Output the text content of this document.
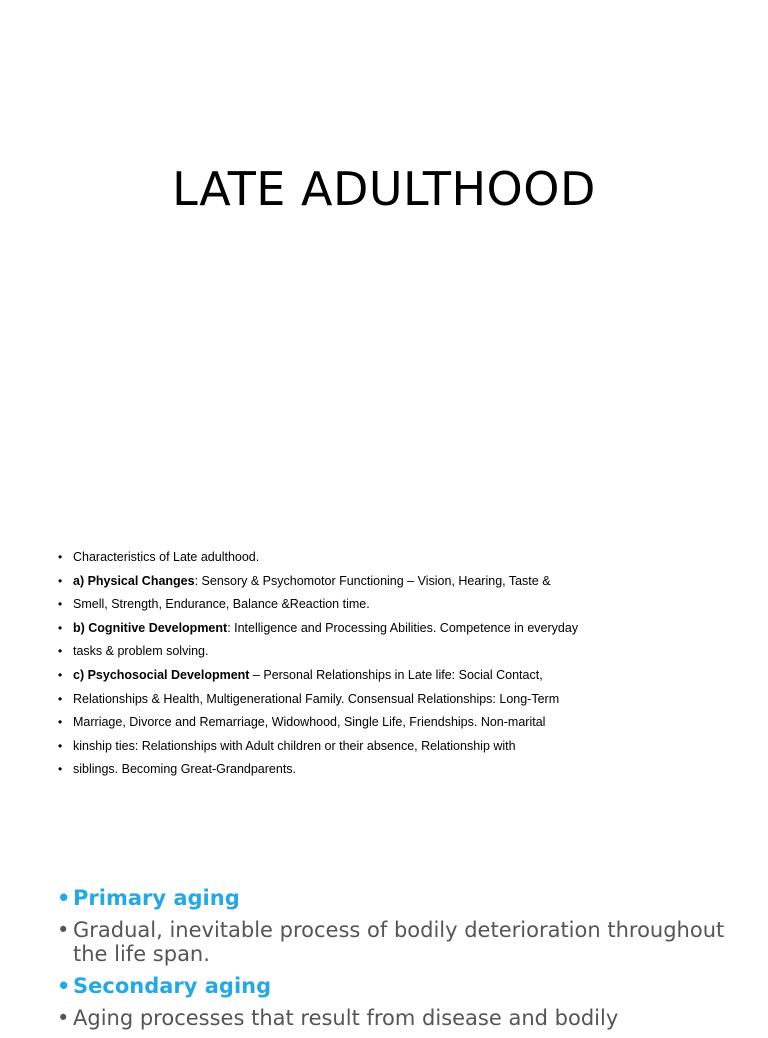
LATE ADULTHOOD
• Characteristics of Late adulthood.
• a) Physical Changes: Sensory & Psychomotor Functioning – Vision, Hearing, Taste &
• Smell, Strength, Endurance, Balance &Reaction time.
• b) Cognitive Development: Intelligence and Processing Abilities. Competence in everyday
• tasks & problem solving.
• c) Psychosocial Development – Personal Relationships in Late life: Social Contact,
• Relationships & Health, Multigenerational Family. Consensual Relationships: Long-Term
• Marriage, Divorce and Remarriage, Widowhood, Single Life, Friendships. Non-marital
• kinship ties: Relationships with Adult children or their absence, Relationship with
• siblings. Becoming Great-Grandparents.
• Primary aging
• Gradual, inevitable process of bodily deterioration throughout the life span.
• Secondary aging
• Aging processes that result from disease and bodily
